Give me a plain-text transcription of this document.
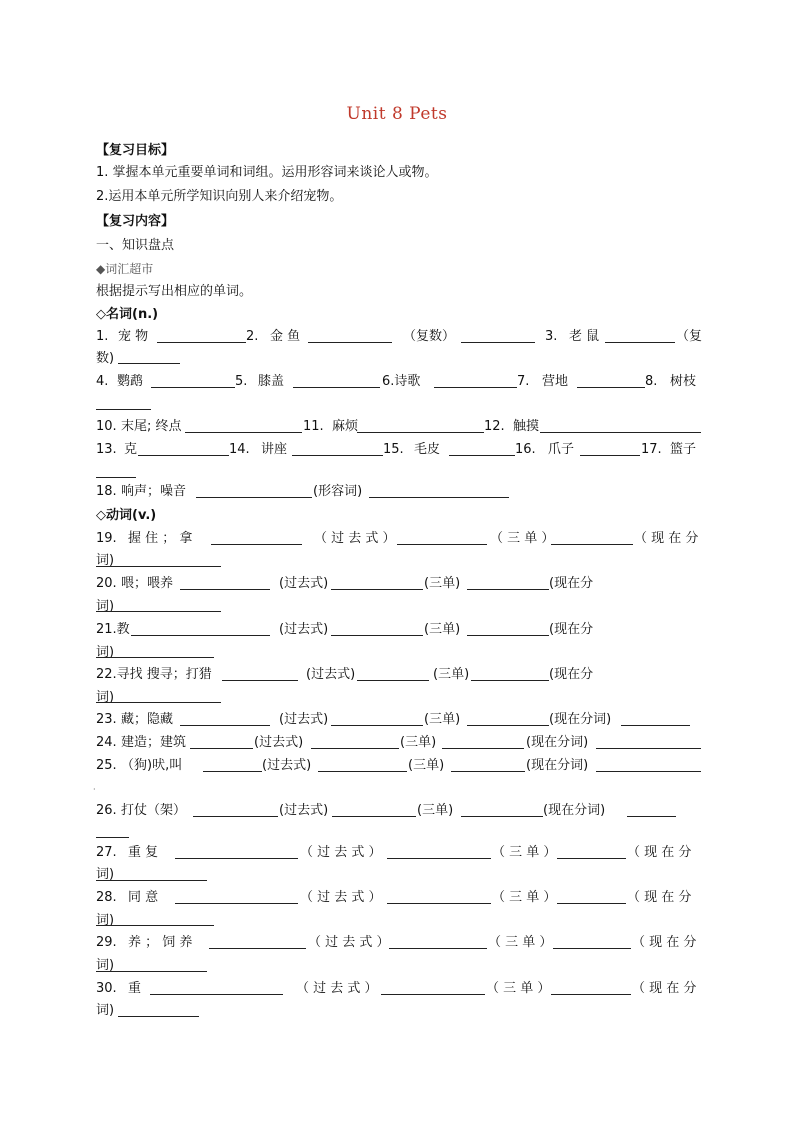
Unit 8 Pets
【复习目标】
1. 掌握本单元重要单词和词组。运用形容词来谈论人或物。
2.运用本单元所学知识向别人来介绍宠物。
【复习内容】
一、知识盘点
◆词汇超市
根据提示写出相应的单词。
◇名词(n.)
1. 宠 物	2. 金 鱼	（复数）	3. 老 鼠	（复
数)
4. 鹦鹉	5. 膝盖	6.诗歌	7. 营地	8. 树枝
10. 末尾; 终点	11. 麻烦	12. 触摸
13. 克	14. 讲座	15. 毛皮	16. 爪子	17. 篮子
18. 响声；噪音	(形容词)
◇动词(v.)
19. 握 住 ； 拿	（ 过 去 式 ）	（ 三 单 ）	（ 现 在 分
词)
20. 喂；喂养	(过去式)	(三单)	(现在分
词)
21.教	(过去式)	(三单)	(现在分
词)
22.寻找 搜寻；打猎	(过去式)	(三单)	(现在分
词)
23. 藏；隐藏	(过去式)	(三单)	(现在分词)
24. 建造；建筑	(过去式)	(三单)	(现在分词)
25. （狗)吠,叫	(过去式)	(三单)	(现在分词)
26. 打仗（架）	(过去式)	(三单)	(现在分词)
27. 重 复	（ 过 去 式 ）	（ 三 单 ）	（ 现 在 分
词)
28. 同 意	（ 过 去 式 ）	（ 三 单 ）	（ 现 在 分
词)
29. 养 ； 饲 养	（ 过 去 式 ）	（ 三 单 ）	（ 现 在 分
词)
30. 重	（ 过 去 式 ）	（ 三 单 ）	（ 现 在 分
词)
·
